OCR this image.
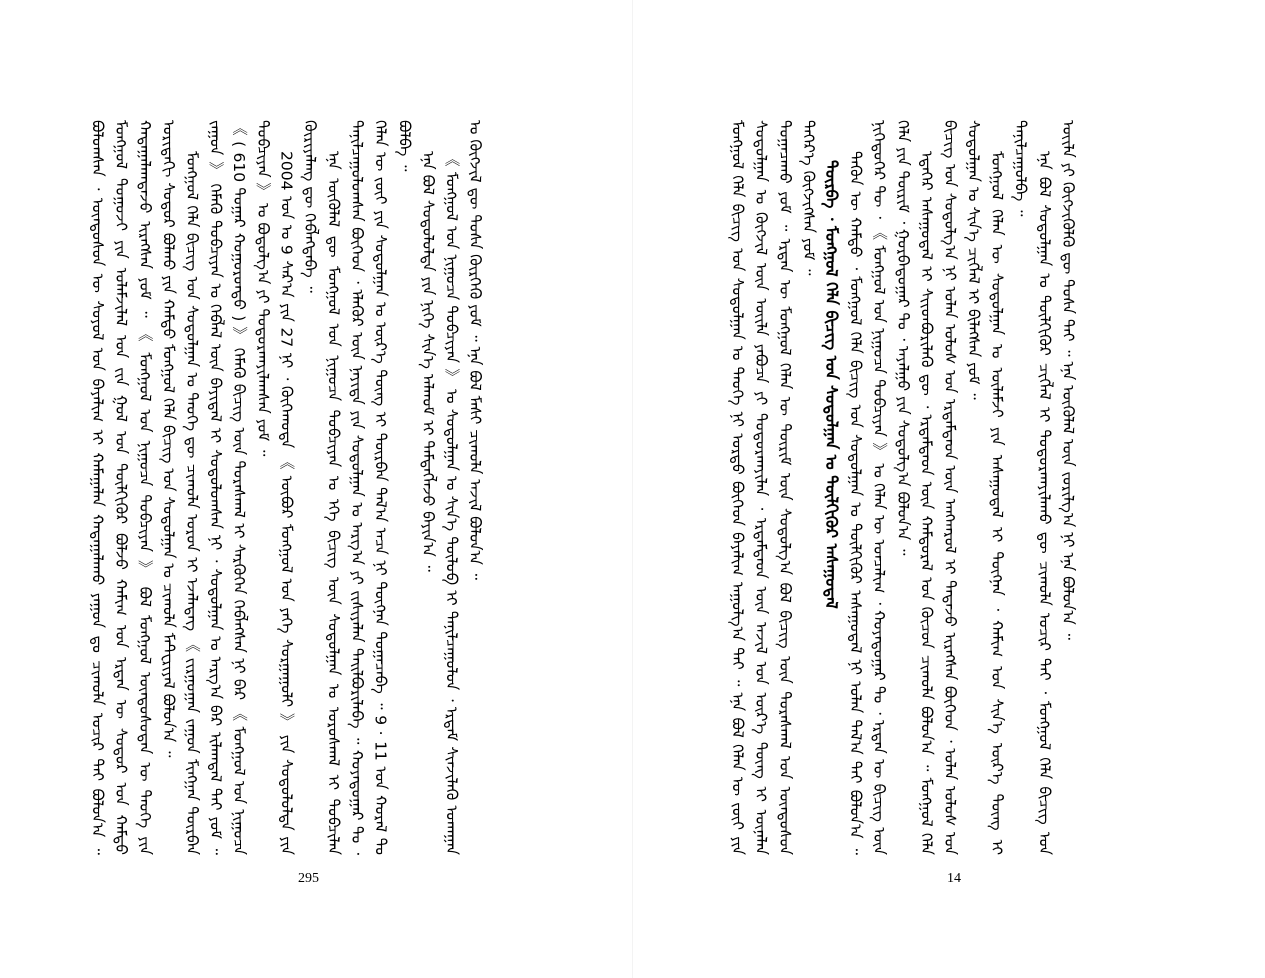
ᠪᠣᠯᠣᠭᠰᠠᠨ ᠂ ᠦᠨᠳᠦᠰᠦᠨ ᠦ ᠰᠤᠶᠤᠯ ᠤᠨ ᠪᠠᠶᠠᠯᠢᠭ ᠢ ᠬᠠᠮᠠᠭᠠᠯᠠᠨ ᠬᠠᠳᠠᠭᠠᠯᠠᠬᠤ ᠶᠠᠭᠤᠨ ᠳᠤ ᠴᠢᠬᠤᠯᠠ ᠤᠴᠢᠷ ᠲᠠᠢ ᠪᠣᠯᠤᠨ᠎ᠠ ᠃ ᠮᠣᠩᠭᠣᠯ ᠲᠤᠭᠤᠵᠢ ᠶᠢᠨ ᠤᠯᠠᠮᠵᠢᠯᠠᠯ ᠤᠨ ᠵᠢᠨ ᠭᠣᠯ ᠤᠨ ᠲᠦᠯᠬᠢᠭᠦᠷ ᠪᠣᠯᠵᠤ ᠬᠠᠮᠢᠭ ᠤᠨ ᠡᠷᠲᠡᠨ ᠦ ᠰᠤᠳᠤᠷ ᠤᠨ ᠬᠠᠮᠲᠤ ᠬᠠᠳᠠᠭᠠᠯᠠᠭᠳᠠᠵᠤ ᠢᠷᠡᠭᠰᠡᠨ ᠶᠤᠮ ᠃ 《 ᠮᠣᠩᠭᠣᠯ ᠤᠨ ᠨᠢᠭᠤᠴᠠ ᠲᠣᠪᠴᠢᠶᠠᠨ 》 ᠪᠣᠯ ᠮᠣᠩᠭᠣᠯ ᠦᠨᠳᠦᠰᠦᠲᠡᠨ ᠦ ᠲᠡᠦᠬᠡ ᠶᠢᠨ ᠤᠷᠢᠳᠠᠬᠢ ᠰᠤᠳᠤᠷ ᠪᠣᠯᠬᠤ ᠶᠢᠨ ᠬᠠᠮᠲᠤ ᠮᠣᠩᠭᠣᠯ ᠬᠡᠯᠡ ᠪᠢᠴᠢᠭ ᠤᠨ ᠰᠤᠳᠤᠯᠭᠠᠨ ᠤ ᠴᠢᠬᠤᠯᠠ ᠮᠠᠲᠧᠷᠢᠶᠠᠯ ᠪᠣᠯᠤᠨ᠎ᠠ ᠃ ᠮᠣᠩᠭᠣᠯ ᠬᠡᠯᠡ ᠪᠢᠴᠢᠭ ᠤᠨ ᠰᠤᠳᠤᠯᠭᠠᠨ ᠤ ᠲᠡᠦᠬᠡ ᠳᠦ ᠴᠢᠬᠤᠯᠠ ᠣᠷᠣᠨ ᠢ ᠡᠵᠡᠯᠡᠳᠡᠭ 《 ᠵᠢᠷᠭᠤᠭᠠᠨ ᠵᠠᠭᠤᠨ ᠮᠢᠩᠭᠠᠨ ᠳᠦᠷᠪᠡᠨ ᠵᠠᠭᠤᠨ 》 ᠬᠡᠮᠡᠬᠦ ᠲᠣᠪᠴᠢᠶᠠᠨ ᠤ ᠬᠡᠪᠯᠡᠯ ᠦᠨ ᠪᠠᠶᠢᠳᠠᠯ ᠢ ᠰᠤᠳᠤᠯᠤᠭᠰᠠᠨ ᠨᠢ ᠂ ᠰᠤᠳᠤᠯᠭᠠᠨ ᠤ ᠠᠷᠭ᠎ᠠ ᠪᠠᠷ ᠢᠯᠠᠭᠳᠠᠯ ᠲᠠᠢ ᠶᠤᠮ ᠃ 《 ( 610 ᠳᠤᠭᠠᠷ ᠬᠣᠭᠣᠷᠣᠨᠳᠣ ) 》 ᠬᠡᠮᠡᠬᠦ ᠪᠢᠴᠢᠭ ᠦᠨ ᠳᠤᠷᠠᠰᠬᠠᠯ ᠢ ᠰᠡᠷᠭᠦᠭᠡᠨ ᠬᠡᠪᠯᠡᠭᠰᠡᠨ ᠨᠢ ᠪᠡᠷ 《 ᠮᠣᠩᠭᠣᠯ ᠤᠨ ᠨᠢᠭᠤᠴᠠ ᠲᠣᠪᠴᠢᠶᠠᠨ 》 ᠤ ᠪᠣᠳᠤᠯᠭ᠎ᠠ ᠶᠢ ᠲᠣᠳᠣᠷᠬᠠᠶᠢᠯᠠᠭᠰᠠᠨ ᠶᠤᠮ ᠃ 2004 ᠣᠨ ᠤ 9 ᠰᠠᠷ᠎ᠠ ᠶᠢᠨ 27 ᠨᠢ ᠂ ᠬᠥᠬᠡᠬᠣᠲᠠ 《 ᠥᠪᠦᠷ ᠮᠣᠩᠭᠣᠯ ᠤᠨ ᠶᠡᠬᠡ ᠰᠤᠷᠭᠠᠭᠤᠯᠢ 》 ᠶᠢᠨ ᠰᠤᠳᠤᠯᠤᠯᠲᠠ ᠶᠢᠨ ᠬᠦᠷᠢᠶᠡᠯᠡᠩ ᠳᠦ ᠬᠡᠪᠯᠡᠭᠳᠡᠪᠡ ᠃ ᠡᠨᠡ ᠦᠭᠦᠯᠡᠯ ᠳᠦ ᠮᠣᠩᠭᠣᠯ ᠤᠨ ᠨᠢᠭᠤᠴᠠ ᠲᠣᠪᠴᠢᠶᠠᠨ ᠤ ᠡᠬᠡ ᠪᠢᠴᠢᠭ ᠦᠨ ᠰᠤᠳᠤᠯᠭᠠᠨ ᠤ ᠤᠷᠤᠰᠬᠠᠯ ᠢ ᠲᠣᠪᠴᠢᠯᠠᠨ ᠲᠠᠨᠢᠯᠴᠠᠭᠤᠯᠤᠭᠰᠠᠨ ᠪᠥᠭᠡᠳ ᠂ ᠡᠯᠡᠭᠦᠷ ᠦᠨ ᠨᠡᠶᠢᠲᠡ ᠶᠢᠨ ᠰᠤᠳᠤᠯᠭᠠᠨ ᠤ ᠠᠷᠭ᠎ᠠ ᠶᠢ ᠵᠢᠱᠢᠶᠡᠯᠡᠨ ᠲᠠᠢᠯᠪᠤᠷᠢᠯᠠᠪᠠ ᠃ ᠬᠣᠶᠠᠳᠤᠭᠠᠷ ᠲᠤ ᠂ ᠬᠡᠯᠡᠨ ᠦ ᠵᠦᠢ ᠶᠢᠨ ᠰᠤᠳᠤᠯᠭᠠᠨ ᠤ ᠦᠷ᠎ᠡ ᠳᠦᠩ ᠢ ᠳᠦᠷᠪᠡᠨ ᠲᠠᠯ᠎ᠠ ᠠᠴᠠ ᠨᠢ ᠳᠦᠭᠨᠡᠨ ᠲᠣᠭᠠᠴᠠᠪᠠ ᠃ 9 · 11 ᠤᠨ ᠬᠤᠷᠠᠯ ᠲᠤ ᠪᠣᠯᠪᠠ ᠃

ᠡᠨᠡ ᠪᠣᠯ ᠰᠤᠳᠤᠯᠤᠯᠲᠠ ᠶᠢᠨ ᠨᠢᠭᠡ ᠰᠢᠨ᠎ᠡ ᠠᠯᠬᠤᠮ ᠢ ᠲᠡᠮᠳᠡᠭᠯᠡᠵᠦ ᠪᠠᠶᠢᠨ᠎ᠠ ᠃ 《 ᠮᠣᠩᠭᠣᠯ ᠤᠨ ᠨᠢᠭᠤᠴᠠ ᠲᠣᠪᠴᠢᠶᠠᠨ 》 ᠤ ᠰᠤᠳᠤᠯᠭᠠᠨ ᠤ ᠰᠢᠨ᠎ᠡ ᠲᠥᠯᠥᠪ ᠢ ᠲᠠᠨᠢᠯᠴᠠᠭᠤᠯᠤᠨ ᠂ ᠡᠷᠳᠡᠮ ᠰᠢᠨᠵᠢᠯᠡᠬᠦ ᠤᠬᠠᠭᠠᠨ ᠤ ᠬᠥᠭᠵᠢᠯ ᠳᠦ ᠲᠤᠰᠠ ᠬᠦᠷᠭᠡᠬᠦ ᠶᠤᠮ ᠃ ᠡᠨᠡ ᠪᠣᠯ ᠮᠠᠰᠢ ᠴᠢᠬᠤᠯᠠ ᠠᠵᠢᠯ ᠪᠣᠯᠤᠨ᠎ᠠ ᠃

295

ᠮᠣᠩᠭᠣᠯ ᠬᠡᠯᠡ ᠪᠢᠴᠢᠭ ᠤᠨ ᠰᠤᠳᠤᠯᠭᠠᠨ ᠤ ᠲᠡᠦᠬᠡ ᠨᠢ ᠤᠷᠲᠤ ᠪᠥᠭᠡᠳ ᠪᠠᠶᠠᠯᠢᠭ ᠠᠭᠤᠯᠭ᠎ᠠ ᠲᠠᠢ ᠃ ᠡᠨᠡ ᠪᠣᠯ ᠬᠡᠯᠡᠨ ᠦ ᠵᠦᠢ ᠶᠢᠨ ᠰᠤᠳᠤᠯᠭᠠᠨ ᠤ ᠬᠥᠭᠵᠢᠯ ᠦᠨ ᠦᠢᠯᠡ ᠶᠠᠪᠤᠴᠠ ᠶᠢ ᠲᠣᠳᠣᠷᠬᠠᠶᠢᠯᠠᠨ ᠂ ᠡᠷᠳᠡᠮᠲᠡᠳ ᠦᠨ ᠠᠵᠢᠯ ᠤᠨ ᠦᠷ᠎ᠡ ᠳᠦᠩ ᠢ ᠦᠨᠡᠯᠡᠨ ᠲᠣᠭᠠᠴᠠᠬᠤ ᠶᠤᠮ ᠃ ᠡᠷᠲᠡᠨ ᠦ ᠮᠣᠩᠭᠣᠯ ᠬᠡᠯᠡᠨ ᠦ ᠳᠦᠷᠢᠮ ᠦᠨ ᠰᠤᠳᠤᠯᠭ᠎ᠠ ᠪᠣᠯ ᠪᠢᠴᠢᠭ ᠦᠨ ᠳᠤᠷᠠᠰᠬᠠᠯ ᠤᠨ ᠦᠨᠳᠦᠰᠦᠨ ᠳᠡᠭᠡᠷ᠎ᠡ ᠬᠥᠭᠵᠢᠭᠰᠡᠨ ᠶᠤᠮ ᠃ ᠳᠥᠷᠪᠡ ᠂ ᠮᠣᠩᠭᠣᠯ ᠬᠡᠯᠡ ᠪᠢᠴᠢᠭ ᠤᠨ ᠰᠤᠳᠤᠯᠭᠠᠨ ᠤ ᠲᠦᠯᠬᠢᠭᠦᠷ ᠠᠰᠠᠭᠤᠳᠠᠯ ᠲᠡᠭᠦᠨ ᠦ ᠬᠠᠮᠲᠤ ᠂ ᠮᠣᠩᠭᠣᠯ ᠬᠡᠯᠡ ᠪᠢᠴᠢᠭ ᠤᠨ ᠰᠤᠳᠤᠯᠭᠠᠨ ᠤ ᠲᠦᠯᠬᠢᠭᠦᠷ ᠠᠰᠠᠭᠤᠳᠠᠯ ᠨᠢ ᠣᠯᠠᠨ ᠲᠠᠯ᠎ᠠ ᠲᠠᠢ ᠪᠣᠯᠤᠨ᠎ᠠ ᠃ ᠨᠢᠭᠡᠳᠦᠭᠡᠷ ᠲᠦ ᠂ 《 ᠮᠣᠩᠭᠣᠯ ᠤᠨ ᠨᠢᠭᠤᠴᠠ ᠲᠣᠪᠴᠢᠶᠠᠨ 》 ᠤ ᠬᠡᠯᠡᠨ ᠦ ᠣᠨᠴᠠᠯᠢᠭ ᠂ ᠬᠣᠶᠠᠳᠤᠭᠠᠷ ᠲᠤ ᠂ ᠡᠷᠲᠡᠨ ᠦ ᠪᠢᠴᠢᠭ ᠦᠨ ᠬᠡᠯᠡ ᠶᠢᠨ ᠳᠦᠷᠢᠮ ᠂ ᠭᠤᠷᠪᠠᠳᠤᠭᠠᠷ ᠲᠤ ᠂ ᠠᠶᠠᠯᠭᠤ ᠶᠢᠨ ᠰᠤᠳᠤᠯᠭ᠎ᠠ ᠪᠣᠯᠤᠨ᠎ᠠ ᠃ ᠡᠳᠡᠭᠡᠷ ᠠᠰᠠᠭᠤᠳᠠᠯ ᠢ ᠰᠢᠢᠳᠪᠦᠷᠢᠯᠡᠬᠦ ᠳᠦ ᠂ ᠡᠷᠳᠡᠮᠲᠡᠳ ᠦᠨ ᠬᠠᠮᠲᠤᠷᠠᠯ ᠤᠨ ᠬᠦᠴᠦᠨ ᠴᠢᠬᠤᠯᠠ ᠪᠣᠯᠤᠨ᠎ᠠ ᠃ ᠮᠣᠩᠭᠣᠯ ᠬᠡᠯᠡ ᠪᠢᠴᠢᠭ ᠤᠨ ᠰᠤᠳᠤᠯᠭ᠎ᠠ ᠨᠢ ᠣᠯᠠᠨ ᠤᠯᠤᠰ ᠤᠨ ᠡᠷᠳᠡᠮᠲᠡᠳ ᠦᠨ ᠠᠩᠬᠠᠷᠤᠯ ᠢ ᠲᠠᠲᠠᠵᠤ ᠢᠷᠡᠭᠰᠡᠨ ᠪᠥᠭᠡᠳ ᠂ ᠣᠯᠠᠨ ᠤᠯᠤᠰ ᠤᠨ ᠰᠤᠳᠤᠯᠭᠠᠨ ᠤ ᠰᠢᠨ᠎ᠡ ᠴᠢᠭᠯᠡᠯ ᠢ ᠪᠢᠯᠡᠭᠰᠡᠨ ᠶᠤᠮ ᠃ ᠮᠣᠩᠭᠣᠯ ᠬᠡᠯᠡᠨ ᠦ ᠰᠤᠳᠤᠯᠭᠠᠨ ᠤ ᠦᠯᠡᠮᠵᠢ ᠶᠢᠨ ᠠᠰᠠᠭᠤᠳᠠᠯ ᠢ ᠳᠦᠭᠨᠡᠨ ᠂ ᠬᠠᠮᠢᠭ ᠤᠨ ᠰᠢᠨ᠎ᠡ ᠦᠷ᠎ᠡ ᠳᠦᠩ ᠢ ᠲᠠᠨᠢᠯᠴᠠᠭᠤᠯᠪᠠ ᠃ ᠡᠨᠡ ᠪᠣᠯ ᠰᠤᠳᠤᠯᠭᠠᠨ ᠤ ᠲᠦᠯᠬᠢᠭᠦᠷ ᠴᠢᠭᠯᠡᠯ ᠢ ᠲᠣᠳᠣᠷᠬᠠᠶᠢᠯᠠᠬᠤ ᠳᠦ ᠴᠢᠬᠤᠯᠠ ᠤᠴᠢᠷ ᠲᠠᠢ ᠂ ᠮᠣᠩᠭᠣᠯ ᠬᠡᠯᠡ ᠪᠢᠴᠢᠭ ᠤᠨ ᠦᠢᠯᠡ ᠶᠢ ᠬᠥᠭᠵᠢᠭᠦᠯᠬᠦ ᠳᠦ ᠲᠤᠰᠠ ᠲᠠᠢ ᠃ ᠡᠨᠡ ᠦᠭᠦᠯᠡᠯ ᠦᠨ ᠵᠣᠷᠢᠯᠭ᠎ᠠ ᠨᠢ ᠡᠨᠡ ᠪᠣᠯᠤᠨ᠎ᠠ ᠃

14
